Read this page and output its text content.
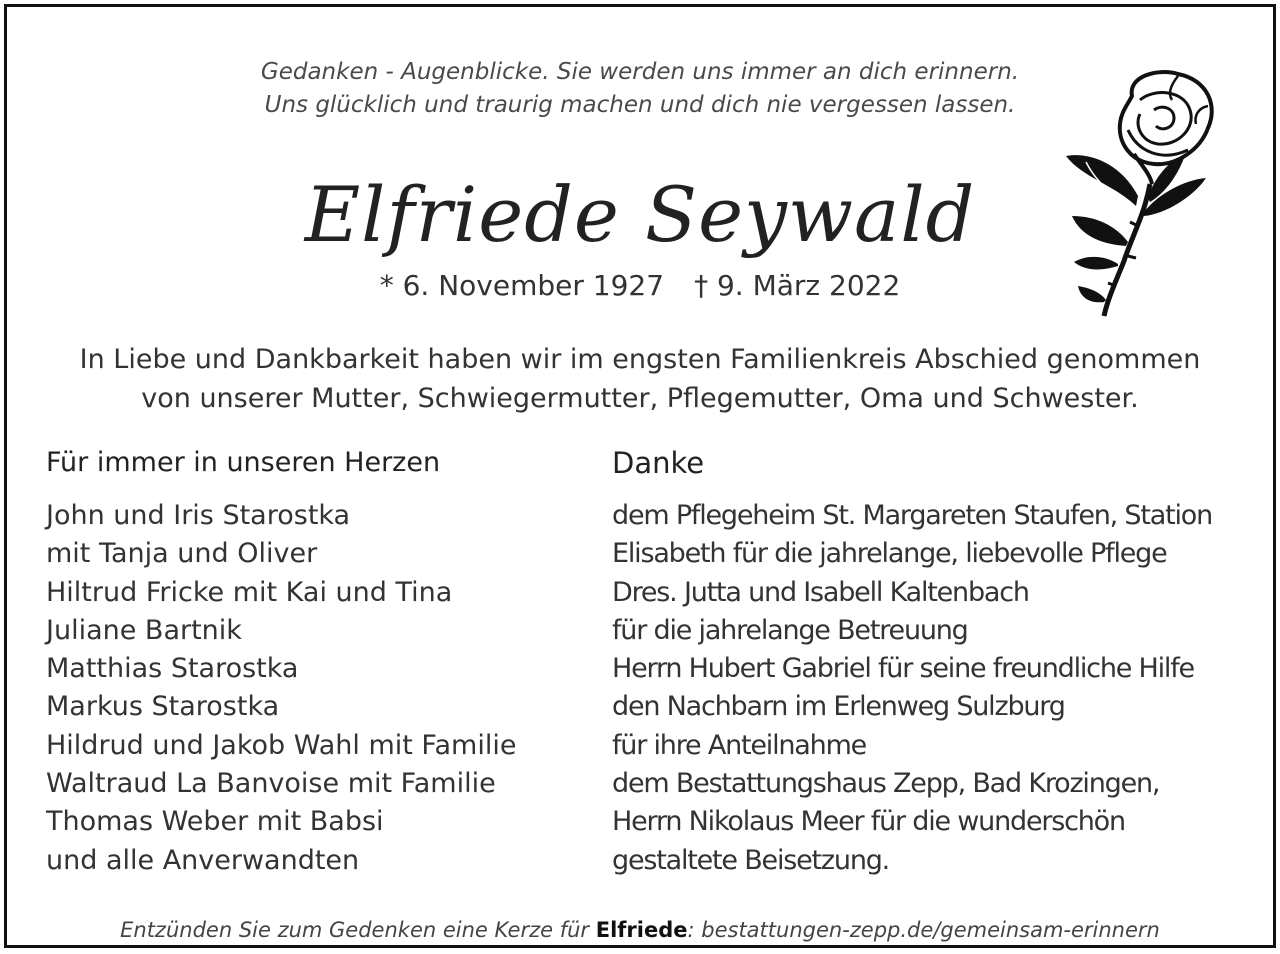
Gedanken - Augenblicke. Sie werden uns immer an dich erinnern.
Uns glücklich und traurig machen und dich nie vergessen lassen.
Elfriede Seywald
* 6. November 1927 † 9. März 2022
In Liebe und Dankbarkeit haben wir im engsten Familienkreis Abschied genommen
von unserer Mutter, Schwiegermutter, Pflegemutter, Oma und Schwester.
Für immer in unseren Herzen
John und Iris Starostka
mit Tanja und Oliver
Hiltrud Fricke mit Kai und Tina
Juliane Bartnik
Matthias Starostka
Markus Starostka
Hildrud und Jakob Wahl mit Familie
Waltraud La Banvoise mit Familie
Thomas Weber mit Babsi
und alle Anverwandten
Danke
dem Pflegeheim St. Margareten Staufen, Station
Elisabeth für die jahrelange, liebevolle Pflege
Dres. Jutta und Isabell Kaltenbach
für die jahrelange Betreuung
Herrn Hubert Gabriel für seine freundliche Hilfe
den Nachbarn im Erlenweg Sulzburg
für ihre Anteilnahme
dem Bestattungshaus Zepp, Bad Krozingen,
Herrn Nikolaus Meer für die wunderschön
gestaltete Beisetzung.
Entzünden Sie zum Gedenken eine Kerze für Elfriede: bestattungen-zepp.de/gemeinsam-erinnern
